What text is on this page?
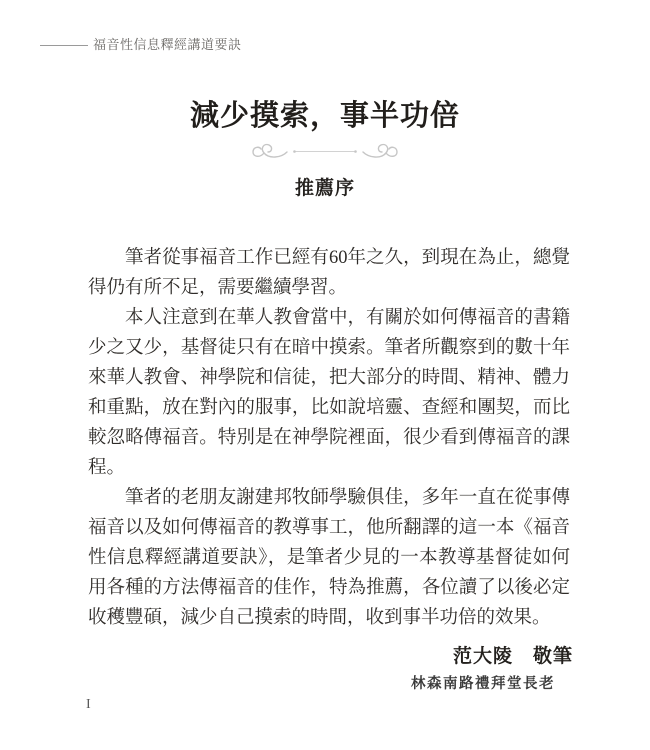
福音性信息釋經講道要訣
減少摸索，事半功倍
推薦序

筆者從事福音工作已經有60年之久，到現在為止，總覺得仍有所不足，需要繼續學習。

本人注意到在華人教會當中，有關於如何傳福音的書籍少之又少，基督徒只有在暗中摸索。筆者所觀察到的數十年來華人教會、神學院和信徒，把大部分的時間、精神、體力和重點，放在對內的服事，比如說培靈、查經和團契，而比較忽略傳福音。特別是在神學院裡面，很少看到傳福音的課程。

筆者的老朋友謝建邦牧師學驗俱佳，多年一直在從事傳福音以及如何傳福音的教導事工，他所翻譯的這一本《福音性信息釋經講道要訣》，是筆者少見的一本教導基督徒如何用各種的方法傳福音的佳作，特為推薦，各位讀了以後必定收穫豐碩，減少自己摸索的時間，收到事半功倍的效果。

范大陵　敬筆
林森南路禮拜堂長老
I
